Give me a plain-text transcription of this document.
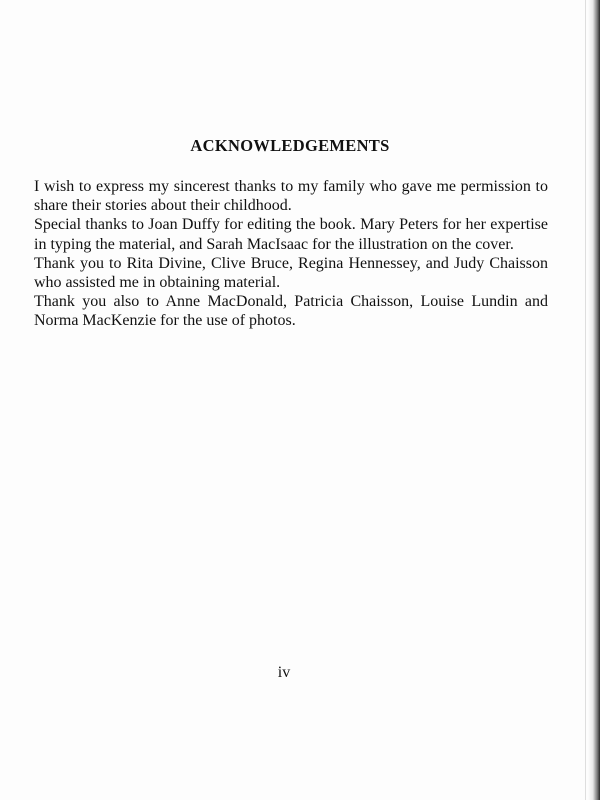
ACKNOWLEDGEMENTS

I wish to express my sincerest thanks to my family who gave me permission to share their stories about their childhood.

Special thanks to Joan Duffy for editing the book. Mary Peters for her expertise in typing the material, and Sarah MacIsaac for the illustration on the cover.

Thank you to Rita Divine, Clive Bruce, Regina Hennessey, and Judy Chaisson who assisted me in obtaining material.

Thank you also to Anne MacDonald, Patricia Chaisson, Louise Lundin and Norma MacKenzie for the use of photos.

iv
